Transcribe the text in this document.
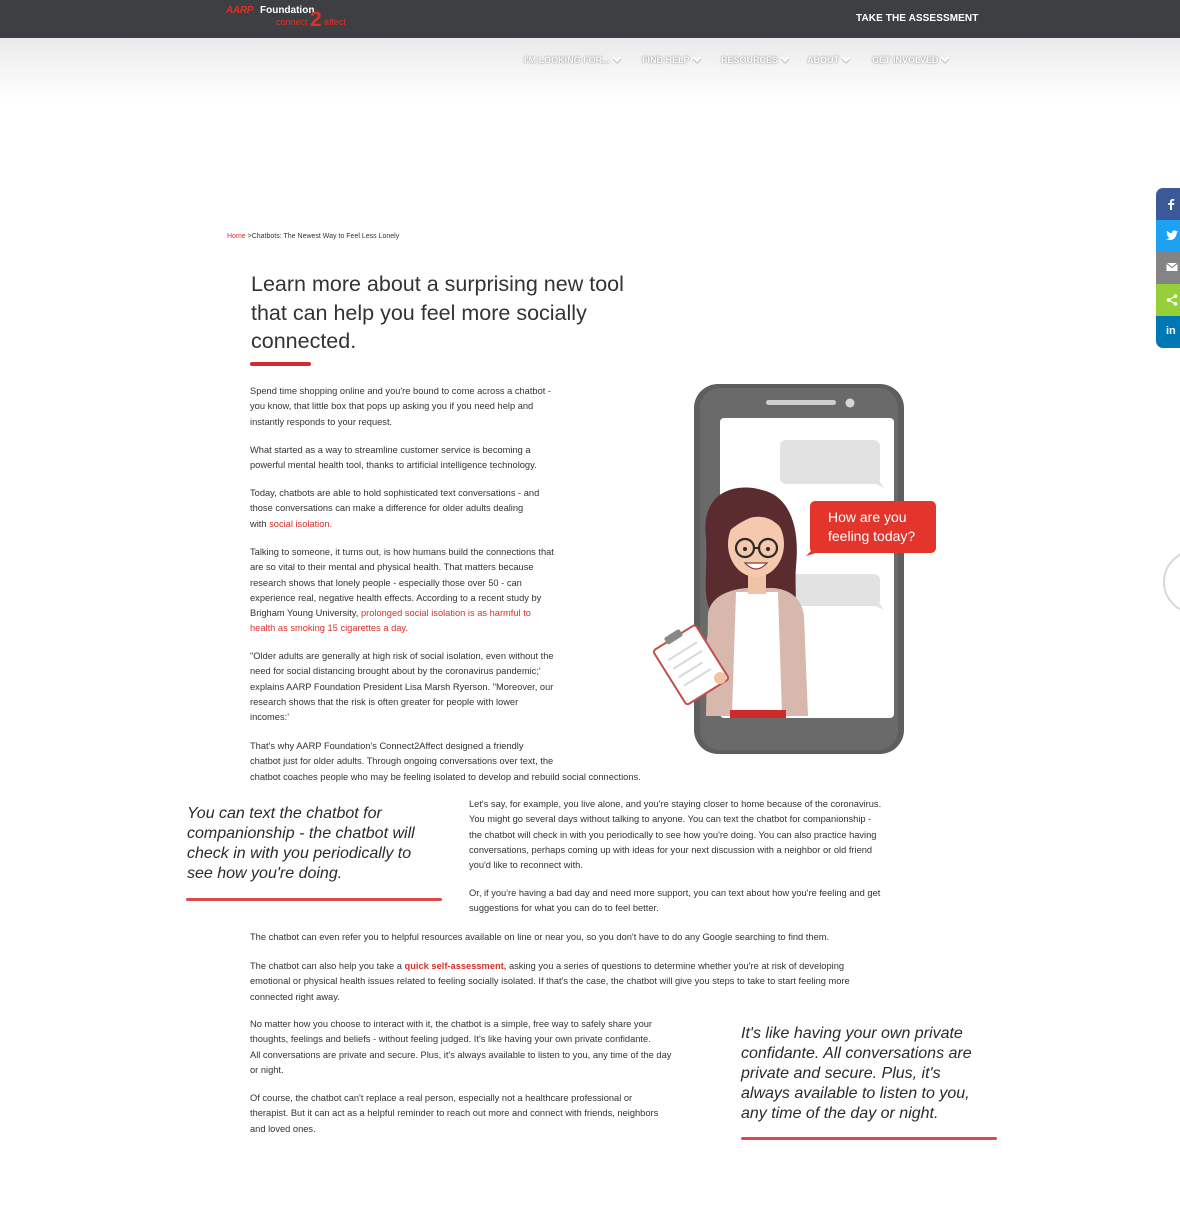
AARP Foundation
connect 2 affect	TAKE THE ASSESSMENT
I'M LOOKING FOR...	FIND HELP	RESOURCES	ABOUT	GET INVOLVED
in
Home >Chatbots: The Newest Way to Feel Less Lonely
Learn more about a surprising new tool
that can help you feel more socially
connected.

Spend time shopping online and you're bound to come across a chatbot -
you know, that little box that pops up asking you if you need help and
instantly responds to your request.

What started as a way to streamline customer service is becoming a
powerful mental health tool, thanks to artificial intelligence technology.

Today, chatbots are able to hold sophisticated text conversations - and
those conversations can make a difference for older adults dealing
with social isolation.

Talking to someone, it turns out, is how humans build the connections that
are so vital to their mental and physical health. That matters because
research shows that lonely people - especially those over 50 - can
experience real, negative health effects. According to a recent study by
Brigham Young University, prolonged social isolation is as harmful to
health as smoking 15 cigarettes a day.

"Older adults are generally at high risk of social isolation, even without the
need for social distancing brought about by the coronavirus pandemic;'
explains AARP Foundation President Lisa Marsh Ryerson. "Moreover, our
research shows that the risk is often greater for people with lower
incomes:'

That's why AARP Foundation's Connect2Affect designed a friendly
chatbot just for older adults. Through ongoing conversations over text, the
chatbot coaches people who may be feeling isolated to develop and rebuild social connections.

How are you
feeling today?
You can text the chatbot for
companionship - the chatbot will
check in with you periodically to
see how you're doing.

Let's say, for example, you live alone, and you're staying closer to home because of the coronavirus.
You might go several days without talking to anyone. You can text the chatbot for companionship -
the chatbot will check in with you periodically to see how you're doing. You can also practice having
conversations, perhaps coming up with ideas for your next discussion with a neighbor or old friend
you'd like to reconnect with.

Or, if you're having a bad day and need more support, you can text about how you're feeling and get
suggestions for what you can do to feel better.

The chatbot can even refer you to helpful resources available on line or near you, so you don't have to do any Google searching to find them.

The chatbot can also help you take a quick self-assessment, asking you a series of questions to determine whether you're at risk of developing
emotional or physical health issues related to feeling socially isolated. If that's the case, the chatbot will give you steps to take to start feeling more
connected right away.

No matter how you choose to interact with it, the chatbot is a simple, free way to safely share your
thoughts, feelings and beliefs - without feeling judged. It's like having your own private confidante.
All conversations are private and secure. Plus, it's always available to listen to you, any time of the day
or night.

Of course, the chatbot can't replace a real person, especially not a healthcare professional or
therapist. But it can act as a helpful reminder to reach out more and connect with friends, neighbors
and loved ones.

It's like having your own private
confidante. All conversations are
private and secure. Plus, it's
always available to listen to you,
any time of the day or night.
